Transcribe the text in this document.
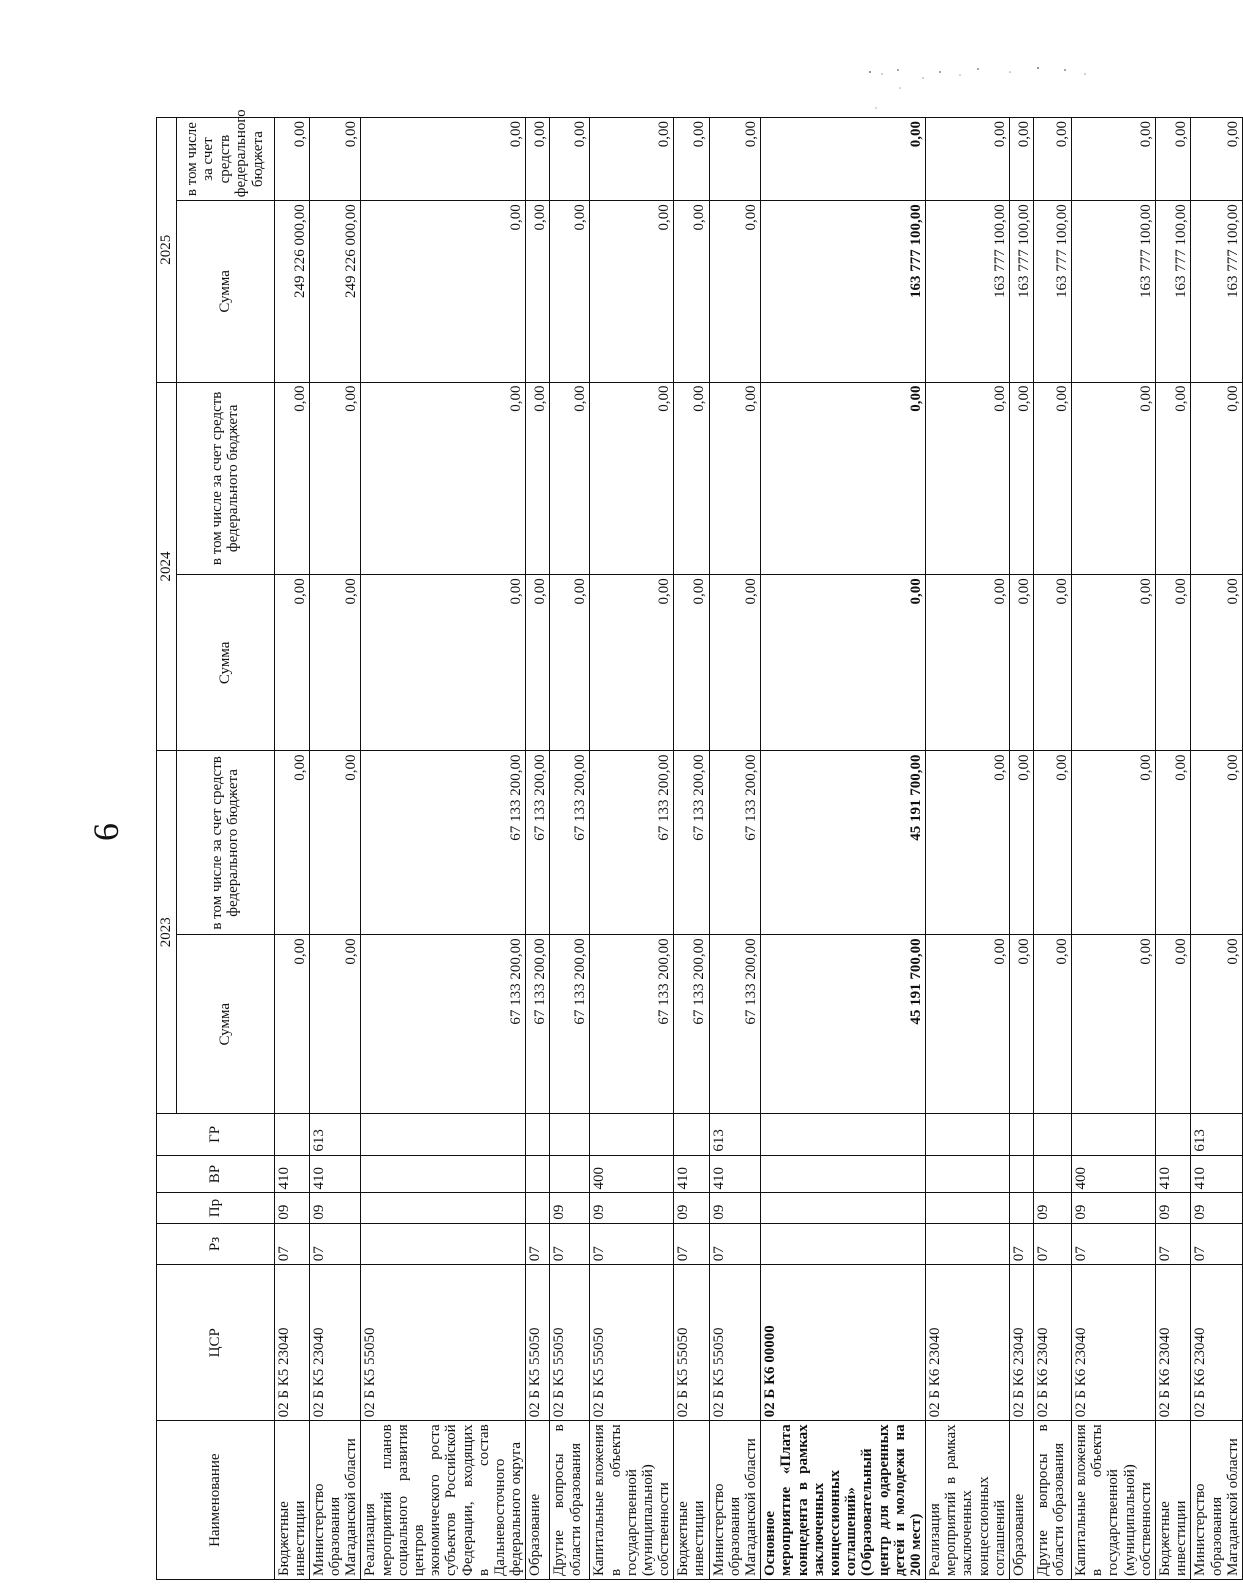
6
Наименование	ЦСР	Рз	Пр	ВР	ГР	2023		2024		2025	
						Сумма	в том числе за счет средств федерального бюджета	Сумма	в том числе за счет средств федерального бюджета	Сумма	в том числе за счет средств федерального бюджета
Бюджетные инвестиции	02 Б К5 23040	07	09	410		0,00	0,00	0,00	0,00	249 226 000,00	0,00
Министерство образования Магаданской области	02 Б К5 23040	07	09	410	613	0,00	0,00	0,00	0,00	249 226 000,00	0,00
Реализация мероприятий планов социального развития центров экономического роста субъектов Российской Федерации, входящих в состав Дальневосточного федерального округа	02 Б К5 55050					67 133 200,00	67 133 200,00	0,00	0,00	0,00	0,00
Образование	02 Б К5 55050	07				67 133 200,00	67 133 200,00	0,00	0,00	0,00	0,00
Другие вопросы в области образования	02 Б К5 55050	07	09			67 133 200,00	67 133 200,00	0,00	0,00	0,00	0,00
Капитальные вложения в объекты государственной (муниципальной) собственности	02 Б К5 55050	07	09	400		67 133 200,00	67 133 200,00	0,00	0,00	0,00	0,00
Бюджетные инвестиции	02 Б К5 55050	07	09	410		67 133 200,00	67 133 200,00	0,00	0,00	0,00	0,00
Министерство образования Магаданской области	02 Б К5 55050	07	09	410	613	67 133 200,00	67 133 200,00	0,00	0,00	0,00	0,00
Основное мероприятие «Плата концедента в рамках заключенных концессионных соглашений» (Образовательный центр для одаренных детей и молодежи на 200 мест)	02 Б К6 00000					45 191 700,00	45 191 700,00	0,00	0,00	163 777 100,00	0,00
Реализация мероприятий в рамках заключенных концессионных соглашений	02 Б К6 23040					0,00	0,00	0,00	0,00	163 777 100,00	0,00
Образование	02 Б К6 23040	07				0,00	0,00	0,00	0,00	163 777 100,00	0,00
Другие вопросы в области образования	02 Б К6 23040	07	09			0,00	0,00	0,00	0,00	163 777 100,00	0,00
Капитальные вложения в объекты государственной (муниципальной) собственности	02 Б К6 23040	07	09	400		0,00	0,00	0,00	0,00	163 777 100,00	0,00
Бюджетные инвестиции	02 Б К6 23040	07	09	410		0,00	0,00	0,00	0,00	163 777 100,00	0,00
Министерство образования Магаданской области	02 Б К6 23040	07	09	410	613	0,00	0,00	0,00	0,00	163 777 100,00	0,00
